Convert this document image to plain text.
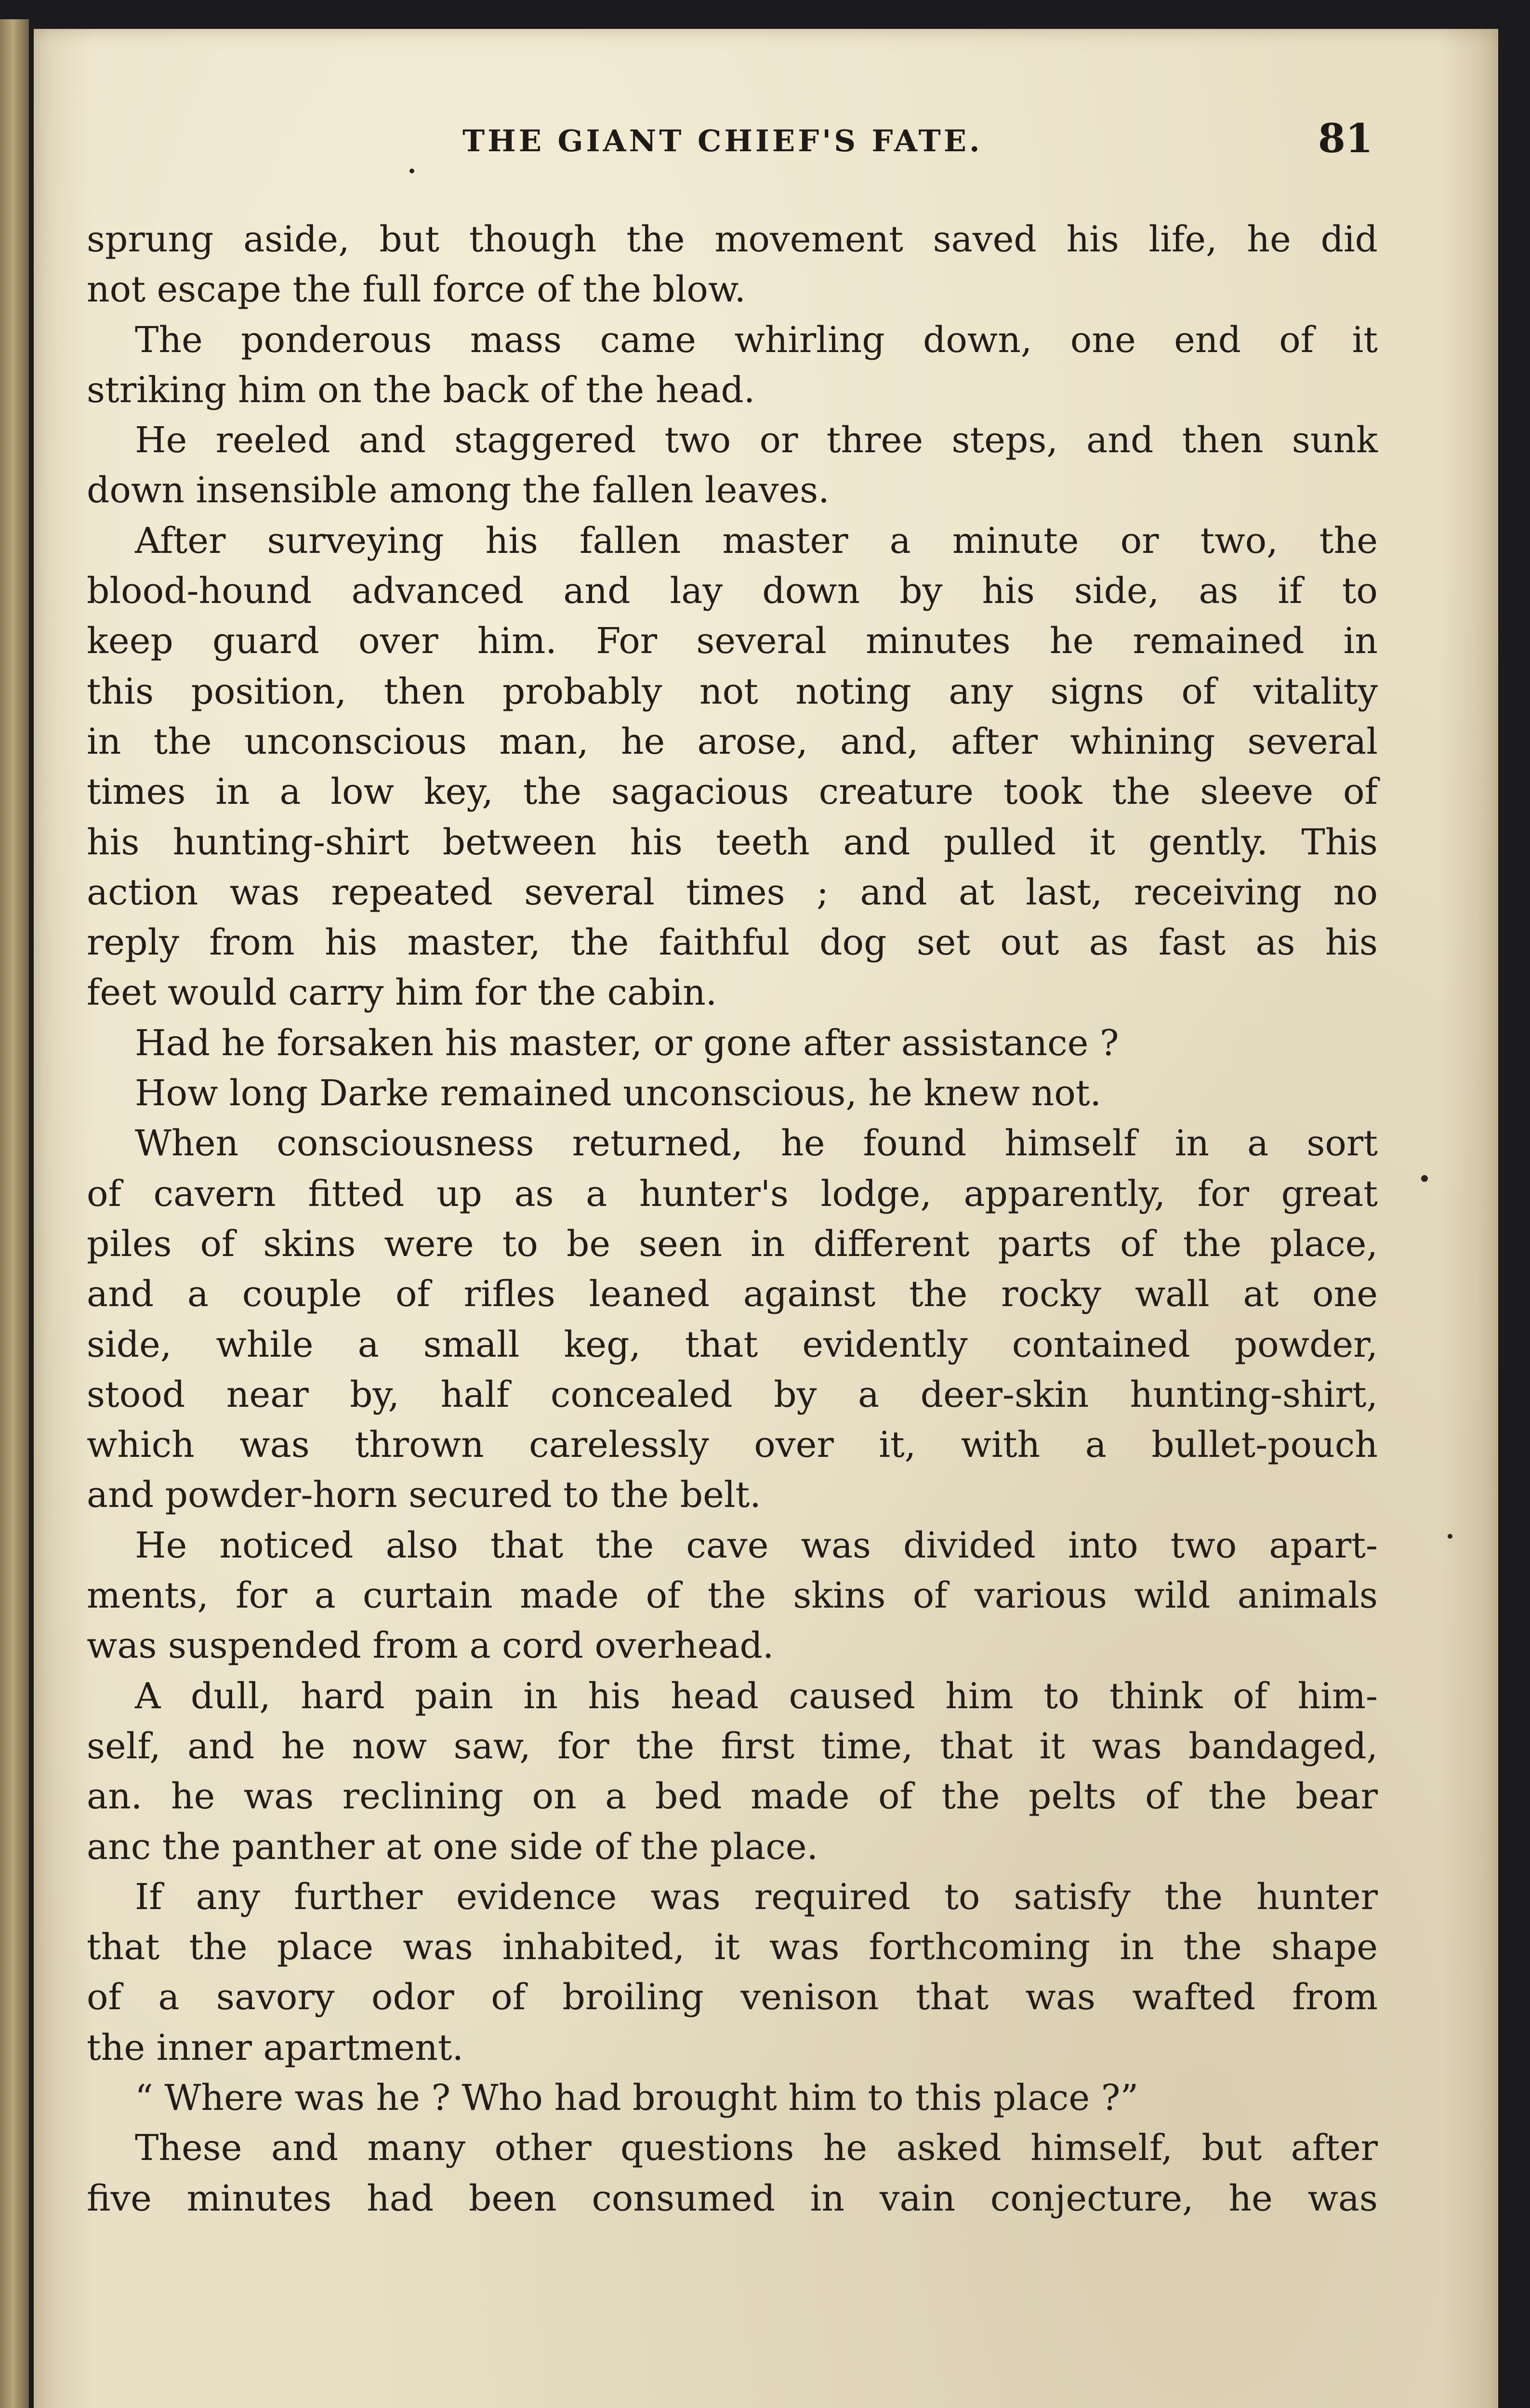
THE GIANT CHIEF'S FATE.	81
sprung aside, but though the movement saved his life, he did
not escape the full force of the blow.
The ponderous mass came whirling down, one end of it
striking him on the back of the head.
He reeled and staggered two or three steps, and then sunk
down insensible among the fallen leaves.
After surveying his fallen master a minute or two, the
blood-hound advanced and lay down by his side, as if to
keep guard over him. For several minutes he remained in
this position, then probably not noting any signs of vitality
in the unconscious man, he arose, and, after whining several
times in a low key, the sagacious creature took the sleeve of
his hunting-shirt between his teeth and pulled it gently. This
action was repeated several times ; and at last, receiving no
reply from his master, the faithful dog set out as fast as his
feet would carry him for the cabin.
Had he forsaken his master, or gone after assistance ?
How long Darke remained unconscious, he knew not.
When consciousness returned, he found himself in a sort
of cavern fitted up as a hunter's lodge, apparently, for great
piles of skins were to be seen in different parts of the place,
and a couple of rifles leaned against the rocky wall at one
side, while a small keg, that evidently contained powder,
stood near by, half concealed by a deer-skin hunting-shirt,
which was thrown carelessly over it, with a bullet-pouch
and powder-horn secured to the belt.
He noticed also that the cave was divided into two apart-
ments, for a curtain made of the skins of various wild animals
was suspended from a cord overhead.
A dull, hard pain in his head caused him to think of him-
self, and he now saw, for the first time, that it was bandaged,
an. he was reclining on a bed made of the pelts of the bear
anc the panther at one side of the place.
If any further evidence was required to satisfy the hunter
that the place was inhabited, it was forthcoming in the shape
of a savory odor of broiling venison that was wafted from
the inner apartment.
“ Where was he ? Who had brought him to this place ?”
These and many other questions he asked himself, but after
five minutes had been consumed in vain conjecture, he was
